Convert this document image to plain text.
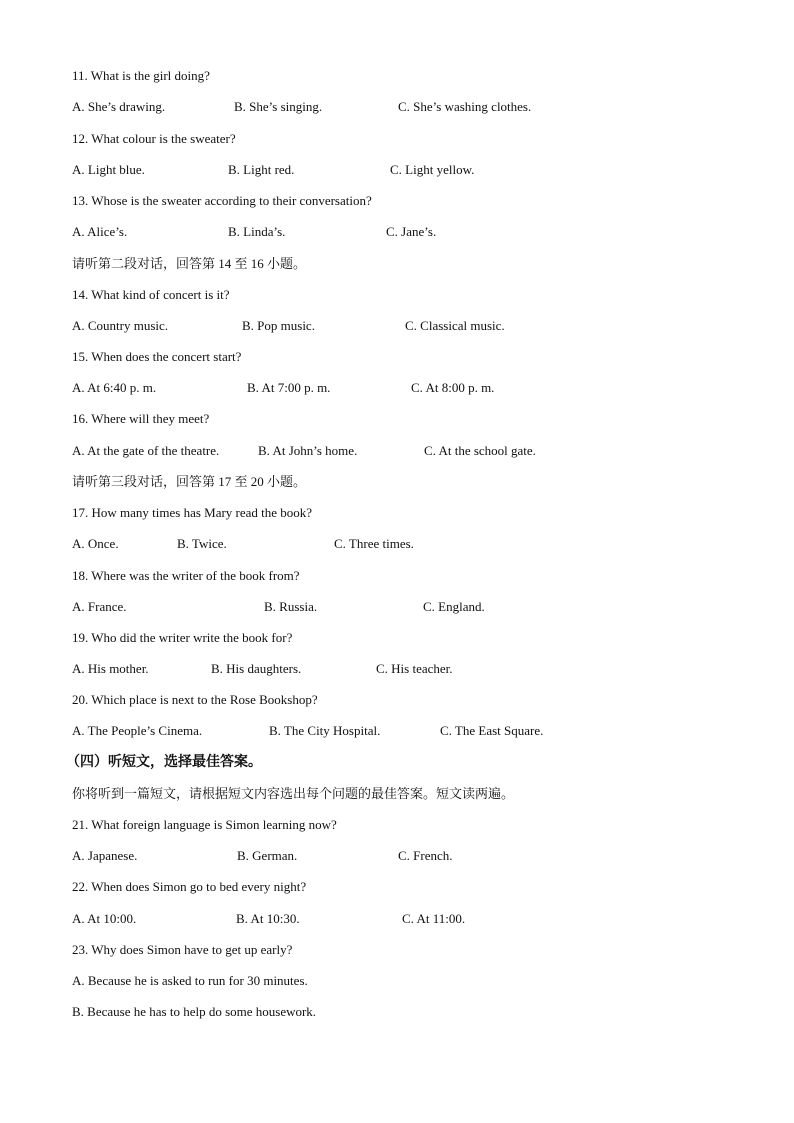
11. What is the girl doing?
A. She’s drawing.	B. She’s singing.	C. She’s washing clothes.
12. What colour is the sweater?
A. Light blue.	B. Light red.	C. Light yellow.
13. Whose is the sweater according to their conversation?
A. Alice’s.	B. Linda’s.	C. Jane’s.
请听第二段对话，回答第 14 至 16 小题。
14. What kind of concert is it?
A. Country music.	B. Pop music.	C. Classical music.
15. When does the concert start?
A. At 6:40 p. m.	B. At 7:00 p. m.	C. At 8:00 p. m.
16. Where will they meet?
A. At the gate of the theatre.	B. At John’s home.	C. At the school gate.
请听第三段对话，回答第 17 至 20 小题。
17. How many times has Mary read the book?
A. Once.	B. Twice.	C. Three times.
18. Where was the writer of the book from?
A. France.	B. Russia.	C. England.
19. Who did the writer write the book for?
A. His mother.	B. His daughters.	C. His teacher.
20. Which place is next to the Rose Bookshop?
A. The People’s Cinema.	B. The City Hospital.	C. The East Square.
（四）听短文，选择最佳答案。
你将听到一篇短文，请根据短文内容选出每个问题的最佳答案。短文读两遍。
21. What foreign language is Simon learning now?
A. Japanese.	B. German.	C. French.
22. When does Simon go to bed every night?
A. At 10:00.	B. At 10:30.	C. At 11:00.
23. Why does Simon have to get up early?
A. Because he is asked to run for 30 minutes.
B. Because he has to help do some housework.
